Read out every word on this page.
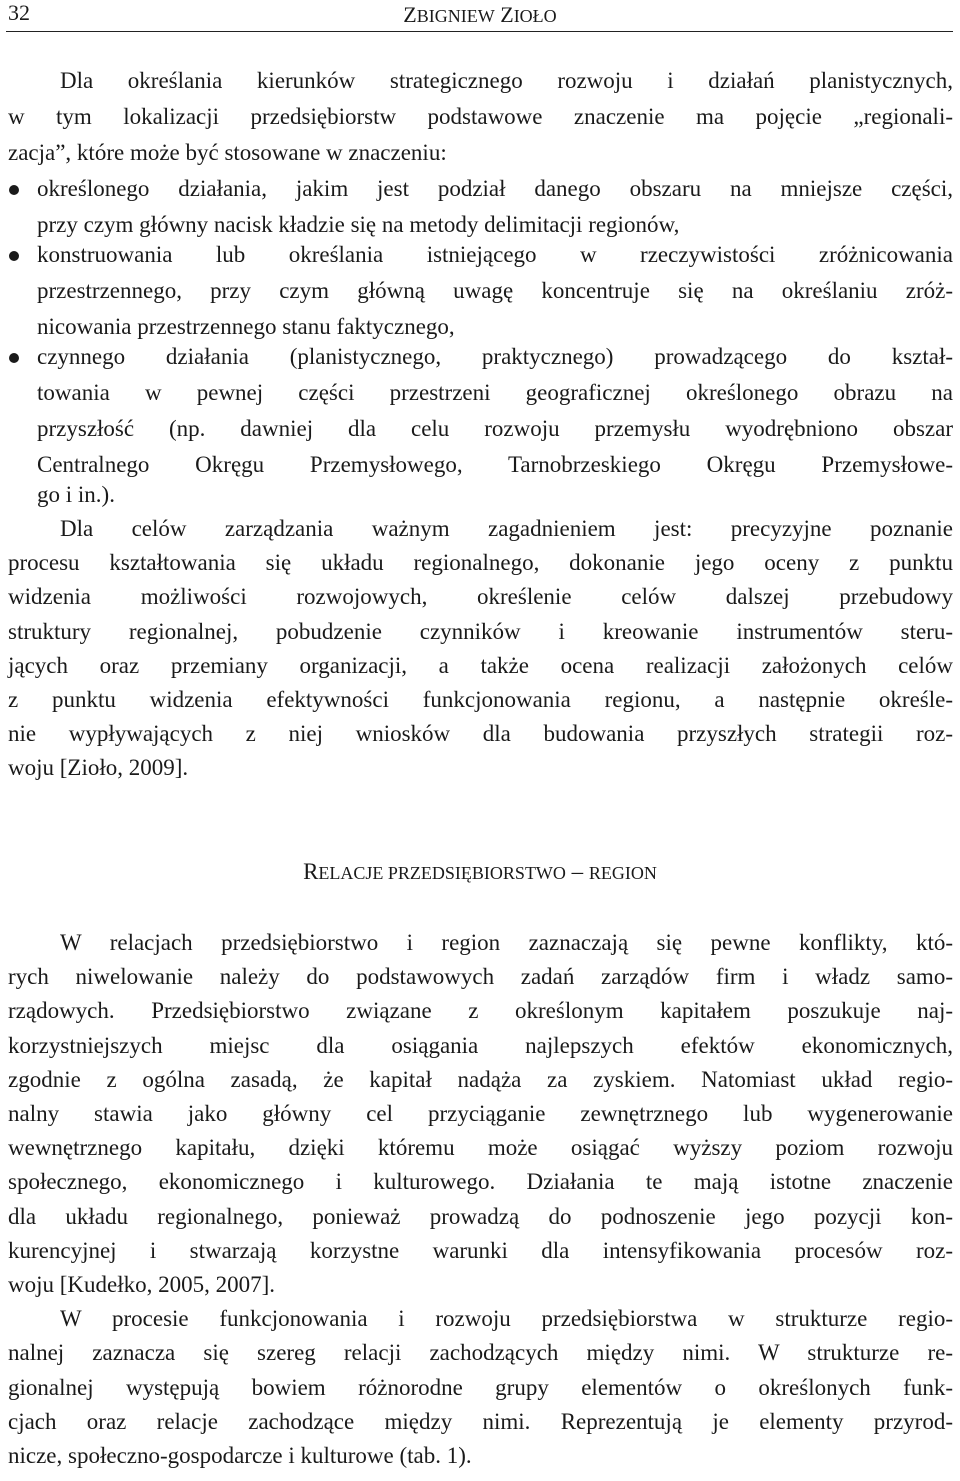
32	ZBIGNIEW ZIOŁO
Dla określania kierunków strategicznego rozwoju i działań planistycznych,
w tym lokalizacji przedsiębiorstw podstawowe znaczenie ma pojęcie „regionali-
zacja”, które może być stosowane w znaczeniu:
określonego działania, jakim jest podział danego obszaru na mniejsze części,
przy czym główny nacisk kładzie się na metody delimitacji regionów,
konstruowania lub określania istniejącego w rzeczywistości zróżnicowania
przestrzennego, przy czym główną uwagę koncentruje się na określaniu zróż-
nicowania przestrzennego stanu faktycznego,
czynnego działania (planistycznego, praktycznego) prowadzącego do kształ-
towania w pewnej części przestrzeni geograficznej określonego obrazu na
przyszłość (np. dawniej dla celu rozwoju przemysłu wyodrębniono obszar
Centralnego Okręgu Przemysłowego, Tarnobrzeskiego Okręgu Przemysłowe-
go i in.).
Dla celów zarządzania ważnym zagadnieniem jest: precyzyjne poznanie
procesu kształtowania się układu regionalnego, dokonanie jego oceny z punktu
widzenia możliwości rozwojowych, określenie celów dalszej przebudowy
struktury regionalnej, pobudzenie czynników i kreowanie instrumentów steru-
jących oraz przemiany organizacji, a także ocena realizacji założonych celów
z punktu widzenia efektywności funkcjonowania regionu, a następnie określe-
nie wypływających z niej wniosków dla budowania przyszłych strategii roz-
woju [Zioło, 2009].
RELACJE PRZEDSIĘBIORSTWO – REGION
W relacjach przedsiębiorstwo i region zaznaczają się pewne konflikty, któ-
rych niwelowanie należy do podstawowych zadań zarządów firm i władz samo-
rządowych. Przedsiębiorstwo związane z określonym kapitałem poszukuje naj-
korzystniejszych miejsc dla osiągania najlepszych efektów ekonomicznych,
zgodnie z ogólna zasadą, że kapitał nadąża za zyskiem. Natomiast układ regio-
nalny stawia jako główny cel przyciąganie zewnętrznego lub wygenerowanie
wewnętrznego kapitału, dzięki któremu może osiągać wyższy poziom rozwoju
społecznego, ekonomicznego i kulturowego. Działania te mają istotne znaczenie
dla układu regionalnego, ponieważ prowadzą do podnoszenie jego pozycji kon-
kurencyjnej i stwarzają korzystne warunki dla intensyfikowania procesów roz-
woju [Kudełko, 2005, 2007].
W procesie funkcjonowania i rozwoju przedsiębiorstwa w strukturze regio-
nalnej zaznacza się szereg relacji zachodzących między nimi. W strukturze re-
gionalnej występują bowiem różnorodne grupy elementów o określonych funk-
cjach oraz relacje zachodzące między nimi. Reprezentują je elementy przyrod-
nicze, społeczno-gospodarcze i kulturowe (tab. 1).
